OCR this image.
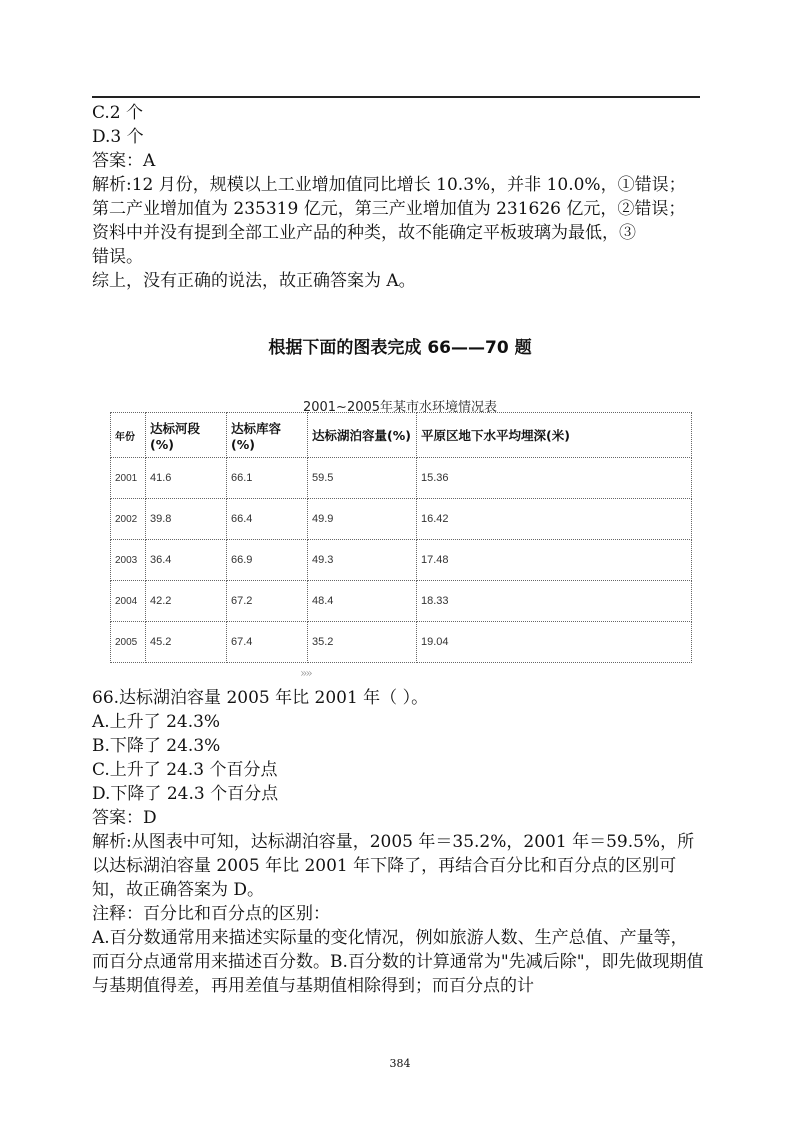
C.2 个
D.3 个
答案：A
解析:12 月份，规模以上工业增加值同比增长 10.3%，并非 10.0%，①错误；
第二产业增加值为 235319 亿元，第三产业增加值为 231626 亿元，②错误；
资料中并没有提到全部工业产品的种类，故不能确定平板玻璃为最低，③
错误。
综上，没有正确的说法，故正确答案为 A。
根据下面的图表完成 66——70 题
2001~2005年某市水环境情况表
年份	达标河段(%)	达标库容(%)	达标湖泊容量(%)	平原区地下水平均埋深(米)
2001	41.6	66.1	59.5	15.36
2002	39.8	66.4	49.9	16.42
2003	36.4	66.9	49.3	17.48
2004	42.2	67.2	48.4	18.33
2005	45.2	67.4	35.2	19.04
»»
66.达标湖泊容量 2005 年比 2001 年（ ）。
A.上升了 24.3%
B.下降了 24.3%
C.上升了 24.3 个百分点
D.下降了 24.3 个百分点
答案：D
解析:从图表中可知，达标湖泊容量，2005 年＝35.2%，2001 年＝59.5%，所以达标湖泊容量 2005 年比 2001 年下降了，再结合百分比和百分点的区别可知，故正确答案为 D。
注释：百分比和百分点的区别：
A.百分数通常用来描述实际量的变化情况，例如旅游人数、生产总值、产量等，而百分点通常用来描述百分数。B.百分数的计算通常为"先减后除"，即先做现期值与基期值得差，再用差值与基期值相除得到；而百分点的计
384
